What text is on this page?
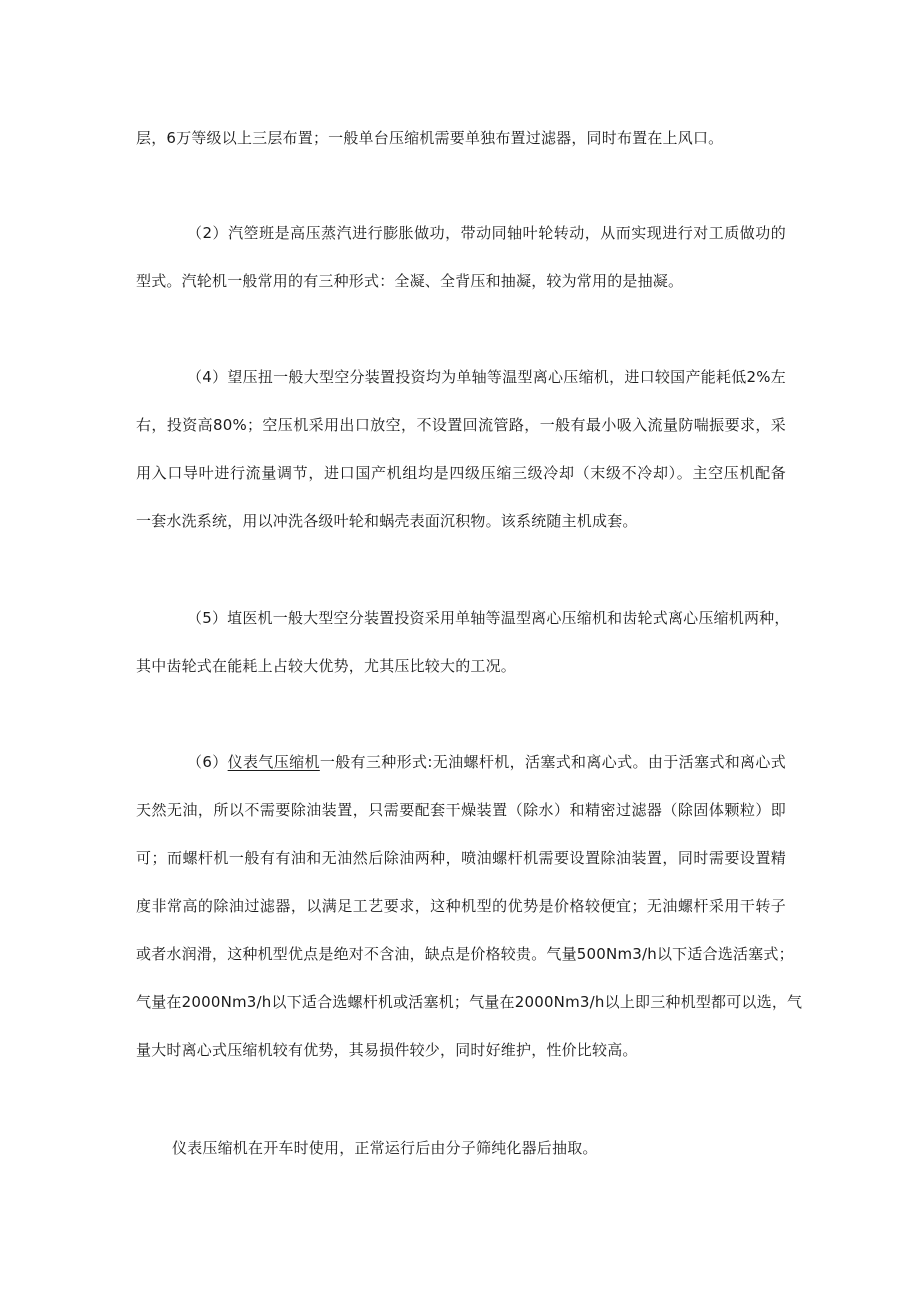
层，6万等级以上三层布置；一般单台压缩机需要单独布置过滤器，同时布置在上风口。
（2）汽箜班是高压蒸汽进行膨胀做功，带动同轴叶轮转动，从而实现进行对工质做功的
型式。汽轮机一般常用的有三种形式：全凝、全背压和抽凝，较为常用的是抽凝。
（4）望压扭一般大型空分装置投资均为单轴等温型离心压缩机，进口较国产能耗低2%左
右，投资高80%；空压机采用出口放空，不设置回流管路，一般有最小吸入流量防喘振要求，采
用入口导叶进行流量调节，进口国产机组均是四级压缩三级冷却（末级不冷却）。主空压机配备
一套水洗系统，用以冲洗各级叶轮和蜗壳表面沉积物。该系统随主机成套。
（5）埴医机一般大型空分装置投资采用单轴等温型离心压缩机和齿轮式离心压缩机两种，
其中齿轮式在能耗上占较大优势，尤其压比较大的工况。
（6）仪表气压缩机一般有三种形式:无油螺杆机，活塞式和离心式。由于活塞式和离心式
天然无油，所以不需要除油装置，只需要配套干燥装置（除水）和精密过滤器（除固体颗粒）即
可；而螺杆机一般有有油和无油然后除油两种，喷油螺杆机需要设置除油装置，同时需要设置精
度非常高的除油过滤器，以满足工艺要求，这种机型的优势是价格较便宜；无油螺杆采用干转子
或者水润滑，这种机型优点是绝对不含油，缺点是价格较贵。气量500Nm3/h以下适合选活塞式；
气量在2000Nm3/h以下适合选螺杆机或活塞机；气量在2000Nm3/h以上即三种机型都可以选，气
量大时离心式压缩机较有优势，其易损件较少，同时好维护，性价比较高。
仪表压缩机在开车时使用，正常运行后由分子筛纯化器后抽取。
